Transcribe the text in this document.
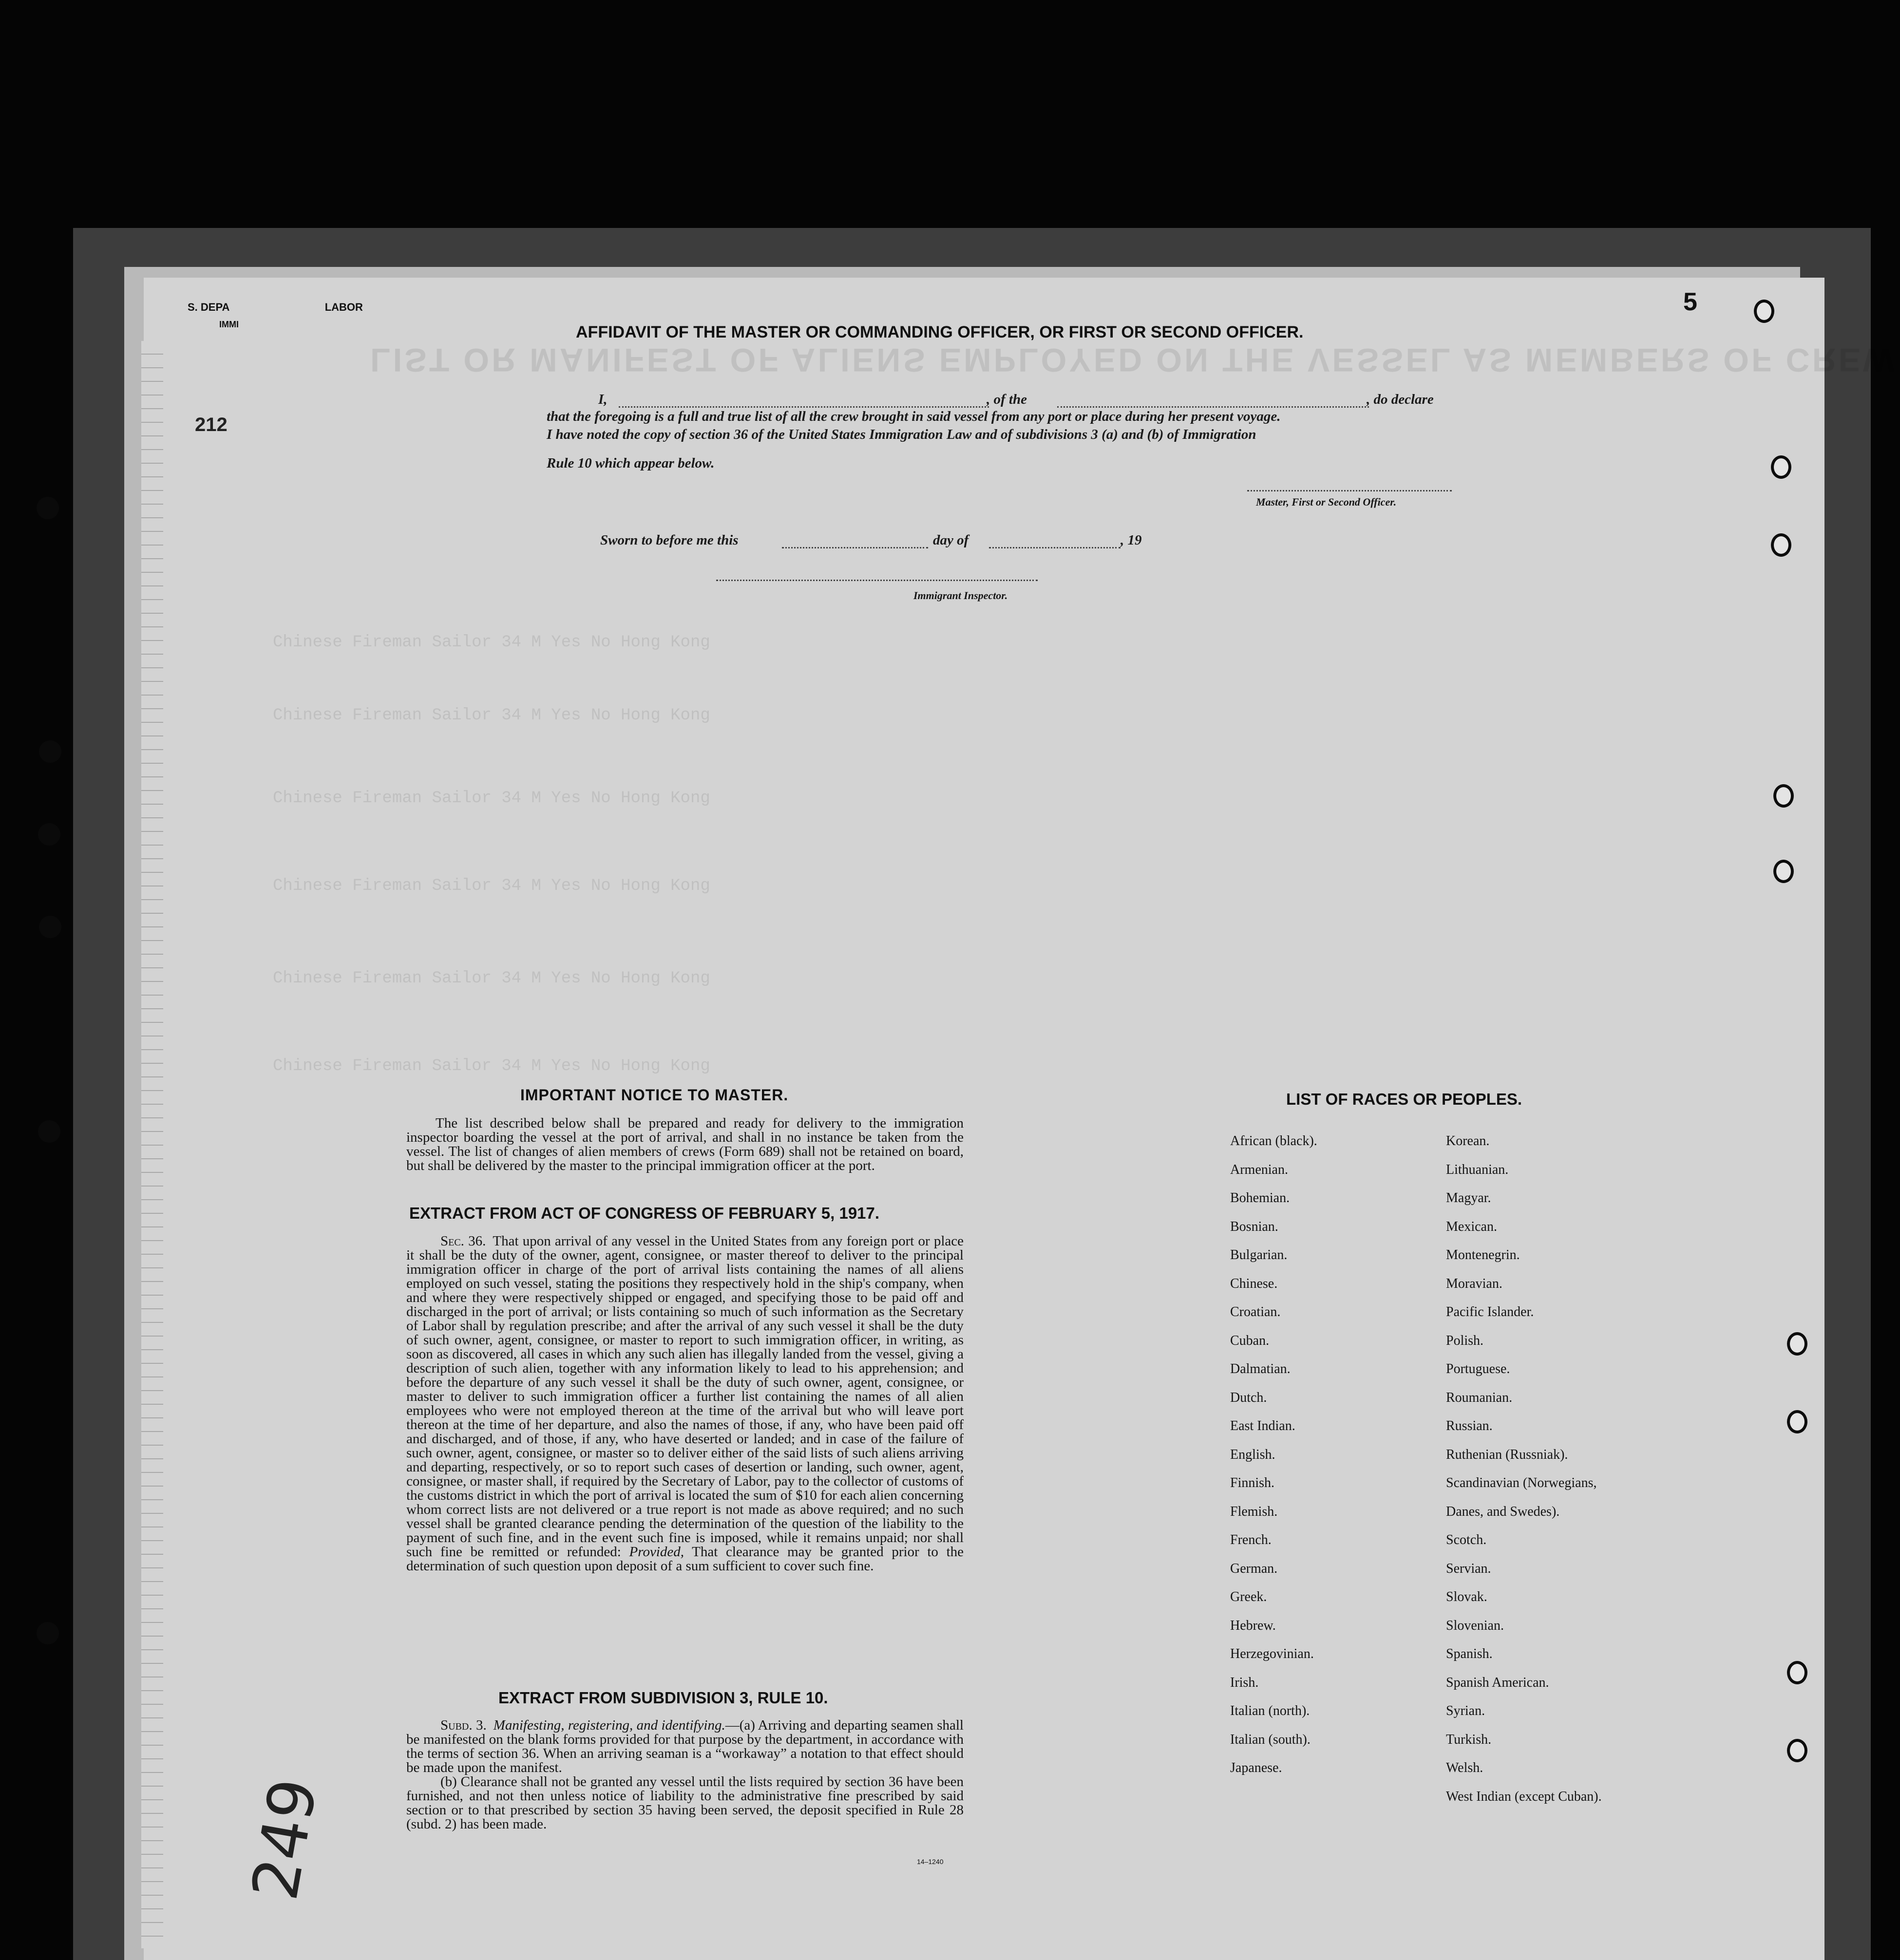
LIST OR MANIFEST OF ALIENS EMPLOYED ON THE VESSEL AS MEMBERS OF CREW
Chinese Fireman Sailor 34 M Yes No Hong Kong
Chinese Fireman Sailor 34 M Yes No Hong Kong
Chinese Fireman Sailor 34 M Yes No Hong Kong
Chinese Fireman Sailor 34 M Yes No Hong Kong
Chinese Fireman Sailor 34 M Yes No Hong Kong
Chinese Fireman Sailor 34 M Yes No Hong Kong
S. DEPA	LABOR
IMMI
5
212
AFFIDAVIT OF THE MASTER OR COMMANDING OFFICER, OR FIRST OR SECOND OFFICER.
I,	, of the	, do declare
that the foregoing is a full and true list of all the crew brought in said vessel from any port or place during her present voyage.
I have noted the copy of section 36 of the United States Immigration Law and of subdivisions 3 (a) and (b) of Immigration
Rule 10 which appear below.
Master, First or Second Officer.
Sworn to before me this	day of	, 19
Immigrant Inspector.
IMPORTANT NOTICE TO MASTER.

The list described below shall be prepared and ready for delivery to the immigration inspector boarding the vessel at the port of arrival, and shall in no instance be taken from the vessel. The list of changes of alien members of crews (Form 689) shall not be retained on board, but shall be delivered by the master to the principal immigration officer at the port.

EXTRACT FROM ACT OF CONGRESS OF FEBRUARY 5, 1917.

Sec. 36. That upon arrival of any vessel in the United States from any foreign port or place it shall be the duty of the owner, agent, consignee, or master thereof to deliver to the principal immigration officer in charge of the port of arrival lists containing the names of all aliens employed on such vessel, stating the positions they respectively hold in the ship's company, when and where they were respectively shipped or engaged, and specifying those to be paid off and discharged in the port of arrival; or lists containing so much of such information as the Secretary of Labor shall by regulation prescribe; and after the arrival of any such vessel it shall be the duty of such owner, agent, consignee, or master to report to such immigration officer, in writing, as soon as discovered, all cases in which any such alien has illegally landed from the vessel, giving a description of such alien, together with any information likely to lead to his apprehension; and before the departure of any such vessel it shall be the duty of such owner, agent, consignee, or master to deliver to such immigration officer a further list containing the names of all alien employees who were not employed thereon at the time of the arrival but who will leave port thereon at the time of her departure, and also the names of those, if any, who have been paid off and discharged, and of those, if any, who have deserted or landed; and in case of the failure of such owner, agent, consignee, or master so to deliver either of the said lists of such aliens arriving and departing, respectively, or so to report such cases of desertion or landing, such owner, agent, consignee, or master shall, if required by the Secretary of Labor, pay to the collector of customs of the customs district in which the port of arrival is located the sum of $10 for each alien concerning whom correct lists are not delivered or a true report is not made as above required; and no such vessel shall be granted clearance pending the determination of the question of the liability to the payment of such fine, and in the event such fine is imposed, while it remains unpaid; nor shall such fine be remitted or refunded: Provided, That clearance may be granted prior to the determination of such question upon deposit of a sum sufficient to cover such fine.

EXTRACT FROM SUBDIVISION 3, RULE 10.

Subd. 3. Manifesting, registering, and identifying.—(a) Arriving and departing seamen shall be manifested on the blank forms provided for that purpose by the department, in accordance with the terms of section 36. When an arriving seaman is a “workaway” a notation to that effect should be made upon the manifest.

(b) Clearance shall not be granted any vessel until the lists required by section 36 have been furnished, and not then unless notice of liability to the administrative fine prescribed by said section or to that prescribed by section 35 having been served, the deposit specified in Rule 28 (subd. 2) has been made.

14–1240
LIST OF RACES OR PEOPLES.
African (black).
Armenian.
Bohemian.
Bosnian.
Bulgarian.
Chinese.
Croatian.
Cuban.
Dalmatian.
Dutch.
East Indian.
English.
Finnish.
Flemish.
French.
German.
Greek.
Hebrew.
Herzegovinian.
Irish.
Italian (north).
Italian (south).
Japanese.
Korean.
Lithuanian.
Magyar.
Mexican.
Montenegrin.
Moravian.
Pacific Islander.
Polish.
Portuguese.
Roumanian.
Russian.
Ruthenian (Russniak).
Scandinavian (Norwegians,
Danes, and Swedes).
Scotch.
Servian.
Slovak.
Slovenian.
Spanish.
Spanish American.
Syrian.
Turkish.
Welsh.
West Indian (except Cuban).
249
